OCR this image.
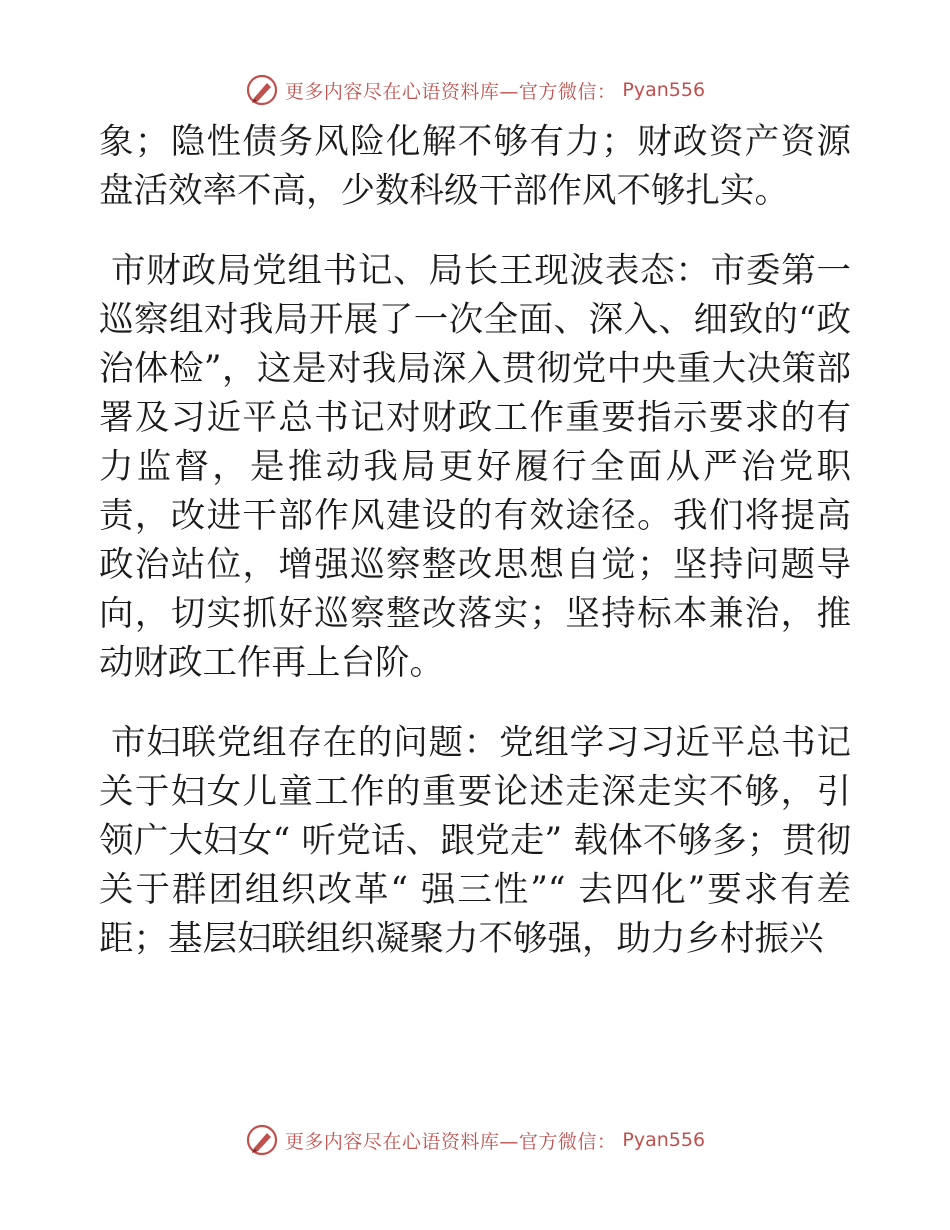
更多内容尽在心语资料库—官方微信： Pyan556

象；隐性债务风险化解不够有力；财政资产资源盘活效率不高，少数科级干部作风不够扎实。

市财政局党组书记、局长王现波表态：市委第一巡察组对我局开展了一次全面、深入、细致的“政治体检”，这是对我局深入贯彻党中央重大决策部署及习近平总书记对财政工作重要指示要求的有力监督，是推动我局更好履行全面从严治党职责，改进干部作风建设的有效途径。我们将提高政治站位，增强巡察整改思想自觉；坚持问题导向，切实抓好巡察整改落实；坚持标本兼治，推动财政工作再上台阶。

市妇联党组存在的问题：党组学习习近平总书记关于妇女儿童工作的重要论述走深走实不够，引领广大妇女“ 听党话、跟党走” 载体不够多；贯彻关于群团组织改革“ 强三性”“ 去四化”要求有差距；基层妇联组织凝聚力不够强，助力乡村振兴

更多内容尽在心语资料库—官方微信： Pyan556
